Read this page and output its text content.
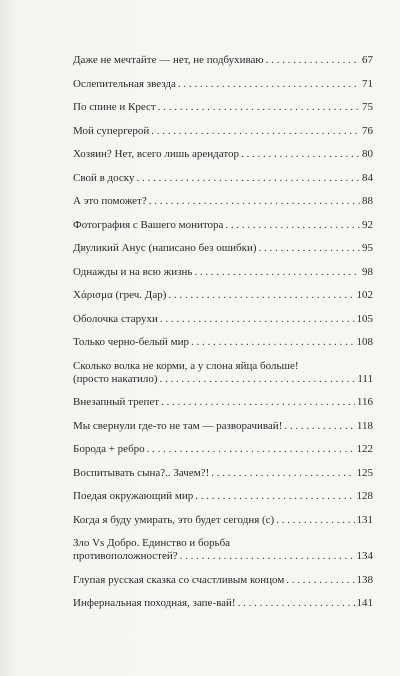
Даже не мечтайте — нет, не подбухиваю . . .	67
Ослепительная звезда . . .	71
По спине и Крест . . .	75
Мой супергерой . . .	76
Хозяин? Нет, всего лишь арендатор . . .	80
Свой в доску . . .	84
А это поможет? . . .	88
Фотография с Вашего монитора . . .	92
Двуликий Анус (написано без ошибки) . . .	95
Однажды и на всю жизнь . . .	98
Χάρισμα (греч. Дар) . . .	102
Оболочка старухи . . .	105
Только черно-белый мир . . .	108
Сколько волка не корми, а у слона яйца больше!
(просто накатило) . . .	111
Внезапный трепет . . .	116
Мы свернули где-то не там — разворачивай! . . .	118
Борода + ребро . . .	122
Воспитывать сына?.. Зачем?! . . .	125
Поедая окружающий мир . . .	128
Когда я буду умирать, это будет сегодня (с) . . .	131
Зло Vs Добро. Единство и борьба
противоположностей? . . .	134
Глупая русская сказка со счастливым концом . . .	138
Инфернальная походная, запе-вай! . . .	141
